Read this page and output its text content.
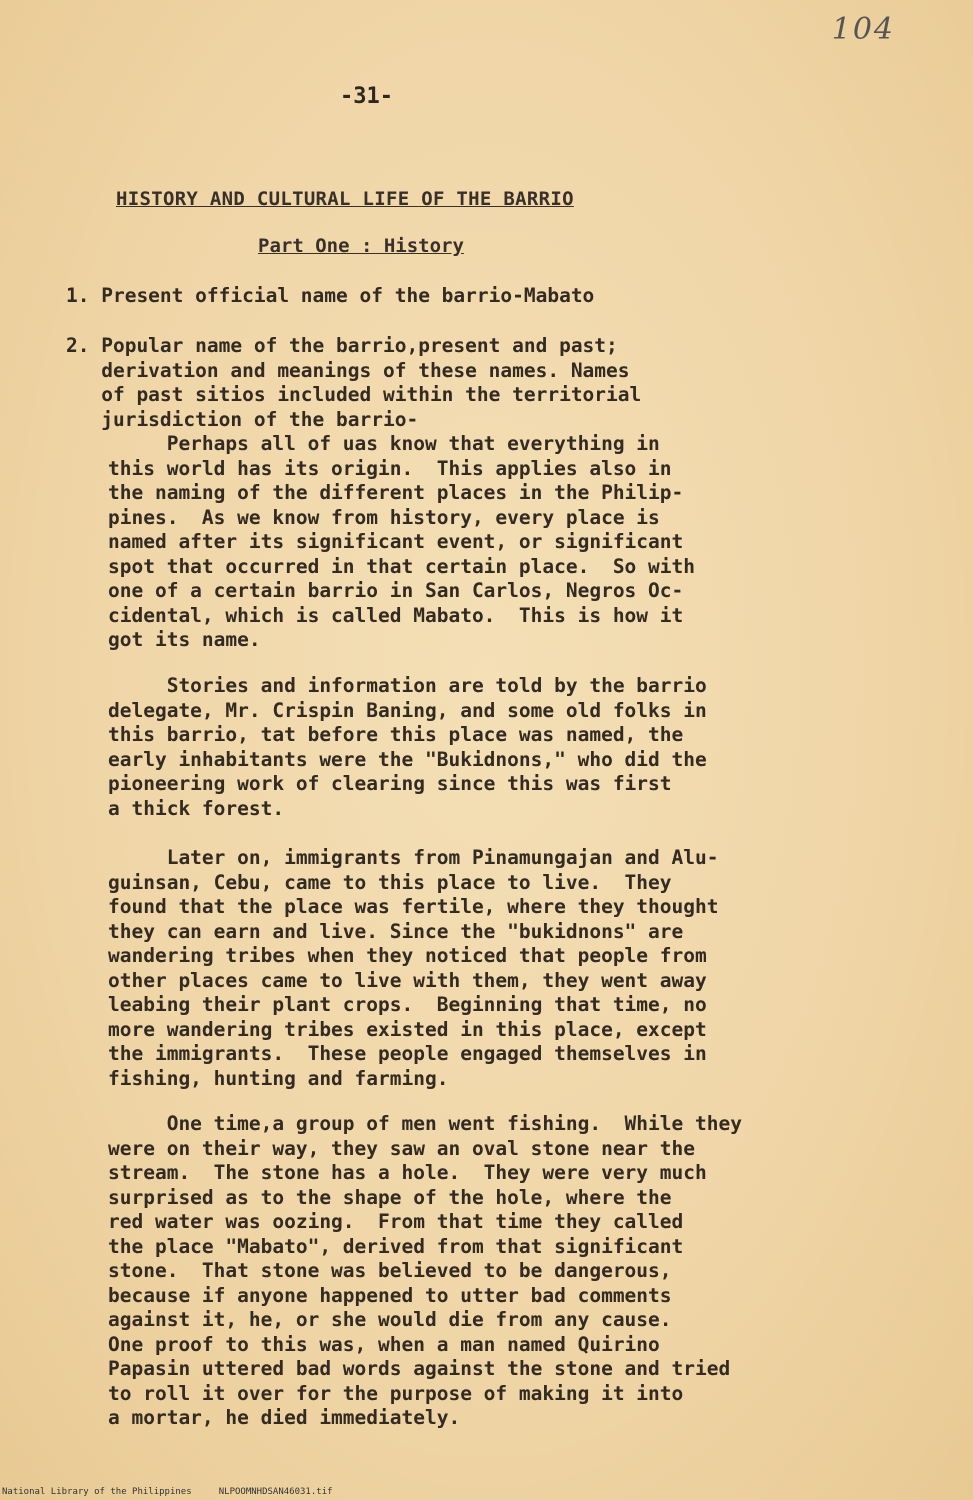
104
-31-
HISTORY AND CULTURAL LIFE OF THE BARRIO
Part One : History
1. Present official name of the barrio-Mabato
2. Popular name of the barrio,present and past;
derivation and meanings of these names. Names
of past sitios included within the territorial
jurisdiction of the barrio-
Perhaps all of uas know that everything in
this world has its origin.  This applies also in
the naming of the different places in the Philip-
pines.  As we know from history, every place is
named after its significant event, or significant
spot that occurred in that certain place.  So with
one of a certain barrio in San Carlos, Negros Oc-
cidental, which is called Mabato.  This is how it
got its name.
Stories and information are told by the barrio
delegate, Mr. Crispin Baning, and some old folks in
this barrio, tat before this place was named, the
early inhabitants were the "Bukidnons," who did the
pioneering work of clearing since this was first
a thick forest.
Later on, immigrants from Pinamungajan and Alu-
guinsan, Cebu, came to this place to live.  They
found that the place was fertile, where they thought
they can earn and live. Since the "bukidnons" are
wandering tribes when they noticed that people from
other places came to live with them, they went away
leabing their plant crops.  Beginning that time, no
more wandering tribes existed in this place, except
the immigrants.  These people engaged themselves in
fishing, hunting and farming.
One time,a group of men went fishing.  While they
were on their way, they saw an oval stone near the
stream.  The stone has a hole.  They were very much
surprised as to the shape of the hole, where the
red water was oozing.  From that time they called
the place "Mabato", derived from that significant
stone.  That stone was believed to be dangerous,
because if anyone happened to utter bad comments
against it, he, or she would die from any cause.
One proof to this was, when a man named Quirino
Papasin uttered bad words against the stone and tried
to roll it over for the purpose of making it into
a mortar, he died immediately.
National Library of the Philippines     NLPOOMNHDSAN46031.tif
